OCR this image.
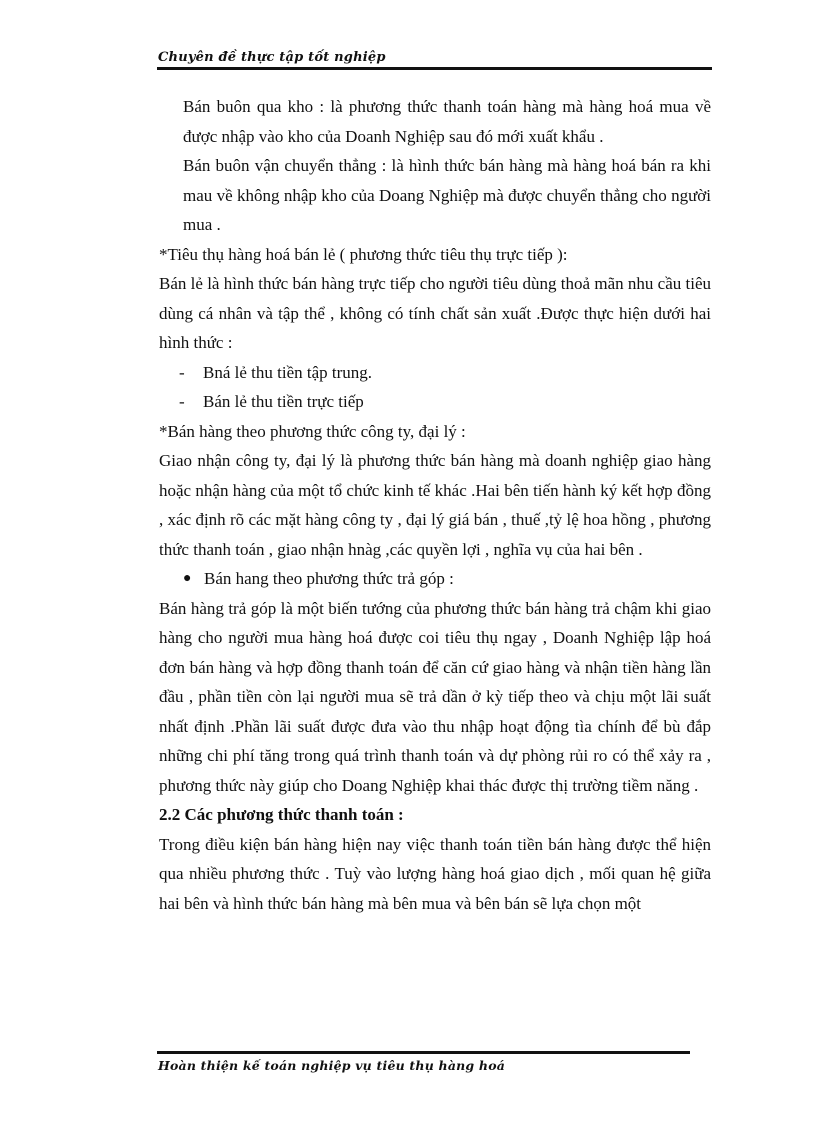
Chuyên đề thực tập tốt nghiệp

Bán buôn qua kho : là phương thức thanh toán hàng mà hàng hoá mua về được nhập vào kho của Doanh Nghiệp sau đó mới xuất khẩu .

Bán buôn vận chuyển thẳng : là hình thức bán hàng mà hàng hoá bán ra khi mau về không nhập kho của Doang Nghiệp mà được chuyển thẳng cho người mua .

*Tiêu thụ hàng hoá bán lẻ ( phương thức tiêu thụ trực tiếp ):

Bán lẻ là hình thức bán hàng trực tiếp cho người tiêu dùng thoả mãn nhu cầu tiêu dùng cá nhân và tập thể , không có tính chất sản xuất .Được thực hiện dưới hai hình thức :

- Bná lẻ thu tiền tập trung.

- Bán lẻ thu tiền trực tiếp

*Bán hàng theo phương thức công ty, đại lý :

Giao nhận công ty, đại lý là phương thức bán hàng mà doanh nghiệp giao hàng hoặc nhận hàng của một tổ chức kinh tế khác .Hai bên tiến hành ký kết hợp đồng , xác định rõ các mặt hàng công ty , đại lý giá bán , thuế ,tỷ lệ hoa hồng , phương thức thanh toán , giao nhận hnàg ,các quyền lợi , nghĩa vụ của hai bên .

● Bán hang theo phương thức trả góp :

Bán hàng trả góp là một biến tướng của phương thức bán hàng trả chậm khi giao hàng cho người mua hàng hoá được coi tiêu thụ ngay , Doanh Nghiệp lập hoá đơn bán hàng và hợp đồng thanh toán để căn cứ giao hàng và nhận tiền hàng lần đầu , phần tiền còn lại người mua sẽ trả dần ở kỳ tiếp theo và chịu một lãi suất nhất định .Phần lãi suất được đưa vào thu nhập hoạt động tìa chính để bù đắp những chi phí tăng trong quá trình thanh toán và dự phòng rủi ro có thể xảy ra , phương thức này giúp cho Doang Nghiệp khai thác được thị trường tiềm năng .

2.2 Các phương thức thanh toán :

Trong điều kiện bán hàng hiện nay việc thanh toán tiền bán hàng được thể hiện qua nhiều phương thức . Tuỳ vào lượng hàng hoá giao dịch , mối quan hệ giữa hai bên và hình thức bán hàng mà bên mua và bên bán sẽ lựa chọn một

Hoàn thiện kế toán nghiệp vụ tiêu thụ hàng hoá
